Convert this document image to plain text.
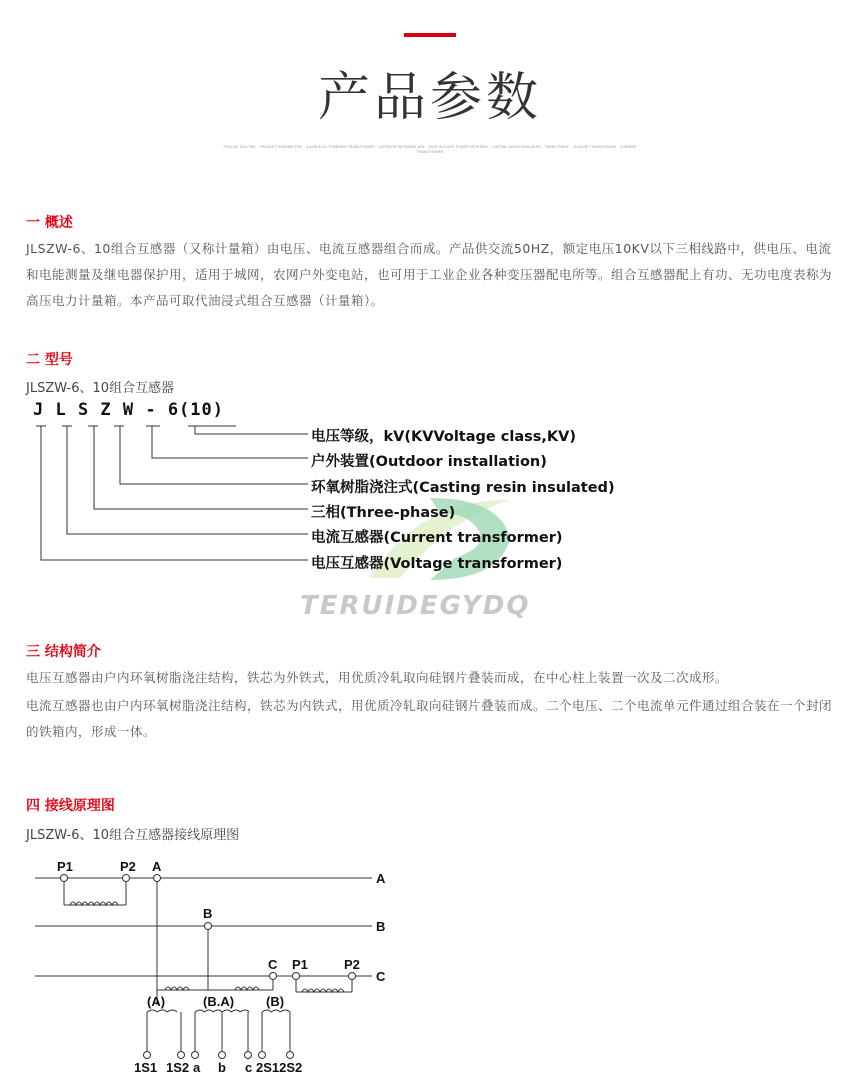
产品参数
TERUIDE ELECTRIC · PRODUCT PARAMETERS · JLSZW-6/10 COMBINED TRANSFORMER · OUTDOOR METERING BOX · HIGH VOLTAGE POWER METERING · CASTING RESIN INSULATED · THREE PHASE · VOLTAGE TRANSFORMER · CURRENT TRANSFORMER
一 概述
JLSZW-6、10组合互感器（又称计量箱）由电压、电流互感器组合而成。产品供交流50HZ，额定电压10KV以下三相线路中，供电压、电流和电能测量及继电器保护用，适用于城网，农网户外变电站，也可用于工业企业各种变压器配电所等。组合互感器配上有功、无功电度表称为高压电力计量箱。本产品可取代油浸式组合互感器（计量箱）。
二 型号
JLSZW-6、10组合互感器
TERUIDEGYDQ
J L S Z W - 6(10)
电压等级，kV(KVVoltage class,KV)
户外装置(Outdoor installation)
环氧树脂浇注式(Casting resin insulated)
三相(Three-phase)
电流互感器(Current transformer)
电压互感器(Voltage transformer)
三 结构简介
电压互感器由户内环氧树脂浇注结构，铁芯为外铁式，用优质冷轧取向硅钢片叠装而成，在中心柱上装置一次及二次成形。
电流互感器也由户内环氧树脂浇注结构，铁芯为内铁式，用优质冷轧取向硅钢片叠装而成。二个电压、二个电流单元件通过组合装在一个封闭的铁箱内，形成一体。
四 接线原理图
JLSZW-6、10组合互感器接线原理图
P1	P2 A
A
B
B
C P1	P2
C
(A)	(B.A) (B)
1S1 1S2 a b c 2S12S2
